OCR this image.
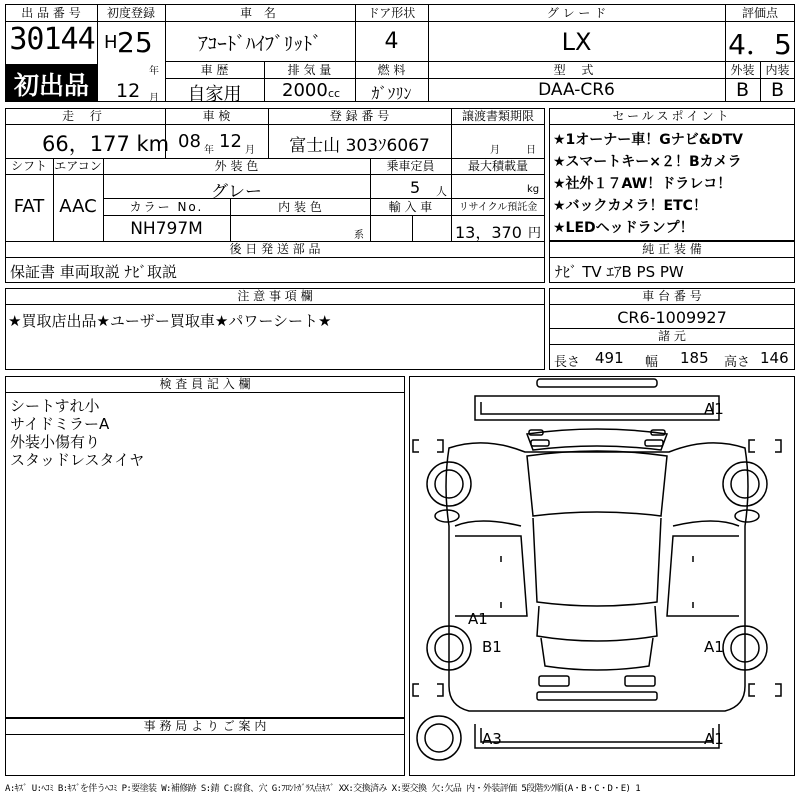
出 品 番 号
30144
初出品
初度登録
H 25
年
12 月
車 名
ｱｺｰﾄﾞﾊｲﾌﾞﾘｯﾄﾞ
ドア形状
4
グ レ ー ド
LX
車 歴
自家用
排 気 量
2000 cc
燃 料
ｶﾞｿﾘﾝ
型 式
DAA-CR6
評価点
4．5
外装 内装
B	B
走 行
66，177 km
車 検
08 年 12 月
登 録 番 号
富士山 303ｿ6067
譲渡書類期限
月	日
シフト エアコン
FAT AAC
外 装 色
グレー
乗車定員
5 人
最大積載量
kg
カラー No.
NH797M
内 装 色
系
輸 入 車	リサイクル預託金
13，370 円
後 日 発 送 部 品
保証書 車両取説 ﾅﾋﾞ取説
セールスポイント
★1オーナー車！Gナビ&DTV
★スマートキー×２！Bカメラ
★社外１７AW！ドラレコ！
★バックカメラ！ETC！
★LEDヘッドランプ！
純 正 装 備
ﾅﾋﾞ TV ｴｱB PS PW
注 意 事 項 欄
★買取店出品★ユーザー買取車★パワーシート★
車 台 番 号
CR6-1009927
諸 元
長さ 491 幅 185 高さ 146
検 査 員 記 入 欄
シートすれ小
サイドミラーA
外装小傷有り
スタッドレスタイヤ
事 務 局 よ り ご 案 内
A1
A1
B1	A1
A3	A1
A:ｷｽﾞ U:ﾍｺﾐ B:ｷｽﾞを伴うﾍｺﾐ P:要塗装 W:補修跡 S:錆 C:腐食、穴 G:ﾌﾛﾝﾄｶﾞﾗｽ点ｷｽﾞ XX:交換済み X:要交換 欠:欠品 内・外装評価 5段階ﾗﾝｸ順(A・B・C・D・E) 1
